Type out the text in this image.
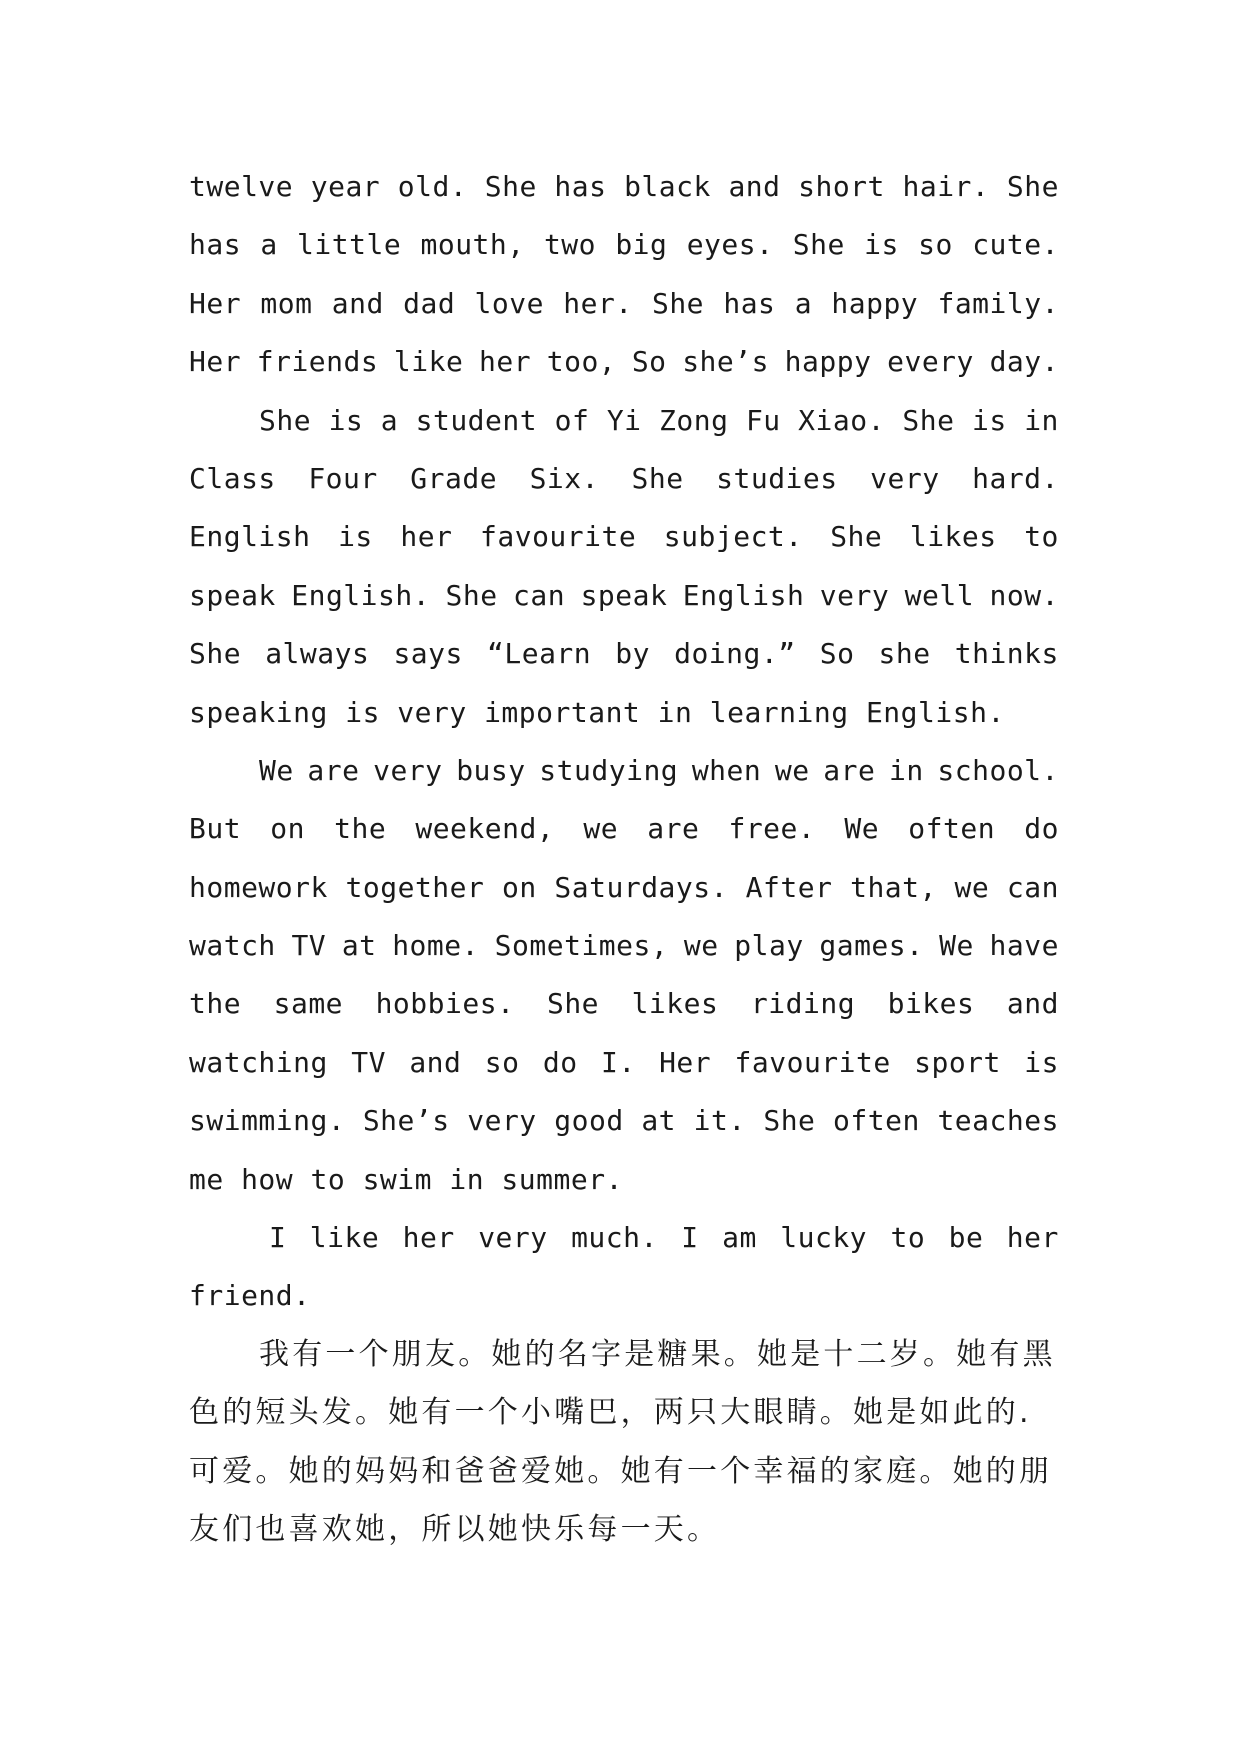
twelve year old. She has black and short hair. She
has a little mouth, two big eyes. She is so cute.
Her mom and dad love her. She has a happy family.
Her friends like her too, So she’s happy every day.
She is a student of Yi Zong Fu Xiao. She is in
Class Four Grade Six. She studies very hard.
English is her favourite subject. She likes to
speak English. She can speak English very well now.
She always says “Learn by doing.” So she thinks
speaking is very important in learning English.
We are very busy studying when we are in school.
But on the weekend, we are free. We often do
homework together on Saturdays. After that, we can
watch TV at home. Sometimes, we play games. We have
the same hobbies. She likes riding bikes and
watching TV and so do I. Her favourite sport is
swimming. She’s very good at it. She often teaches
me how to swim in summer.
I like her very much. I am lucky to be her
friend.
我有一个朋友。她的名字是糖果。她是十二岁。她有黑
色的短头发。她有一个小嘴巴，两只大眼睛。她是如此的.
可爱。她的妈妈和爸爸爱她。她有一个幸福的家庭。她的朋
友们也喜欢她，所以她快乐每一天。
